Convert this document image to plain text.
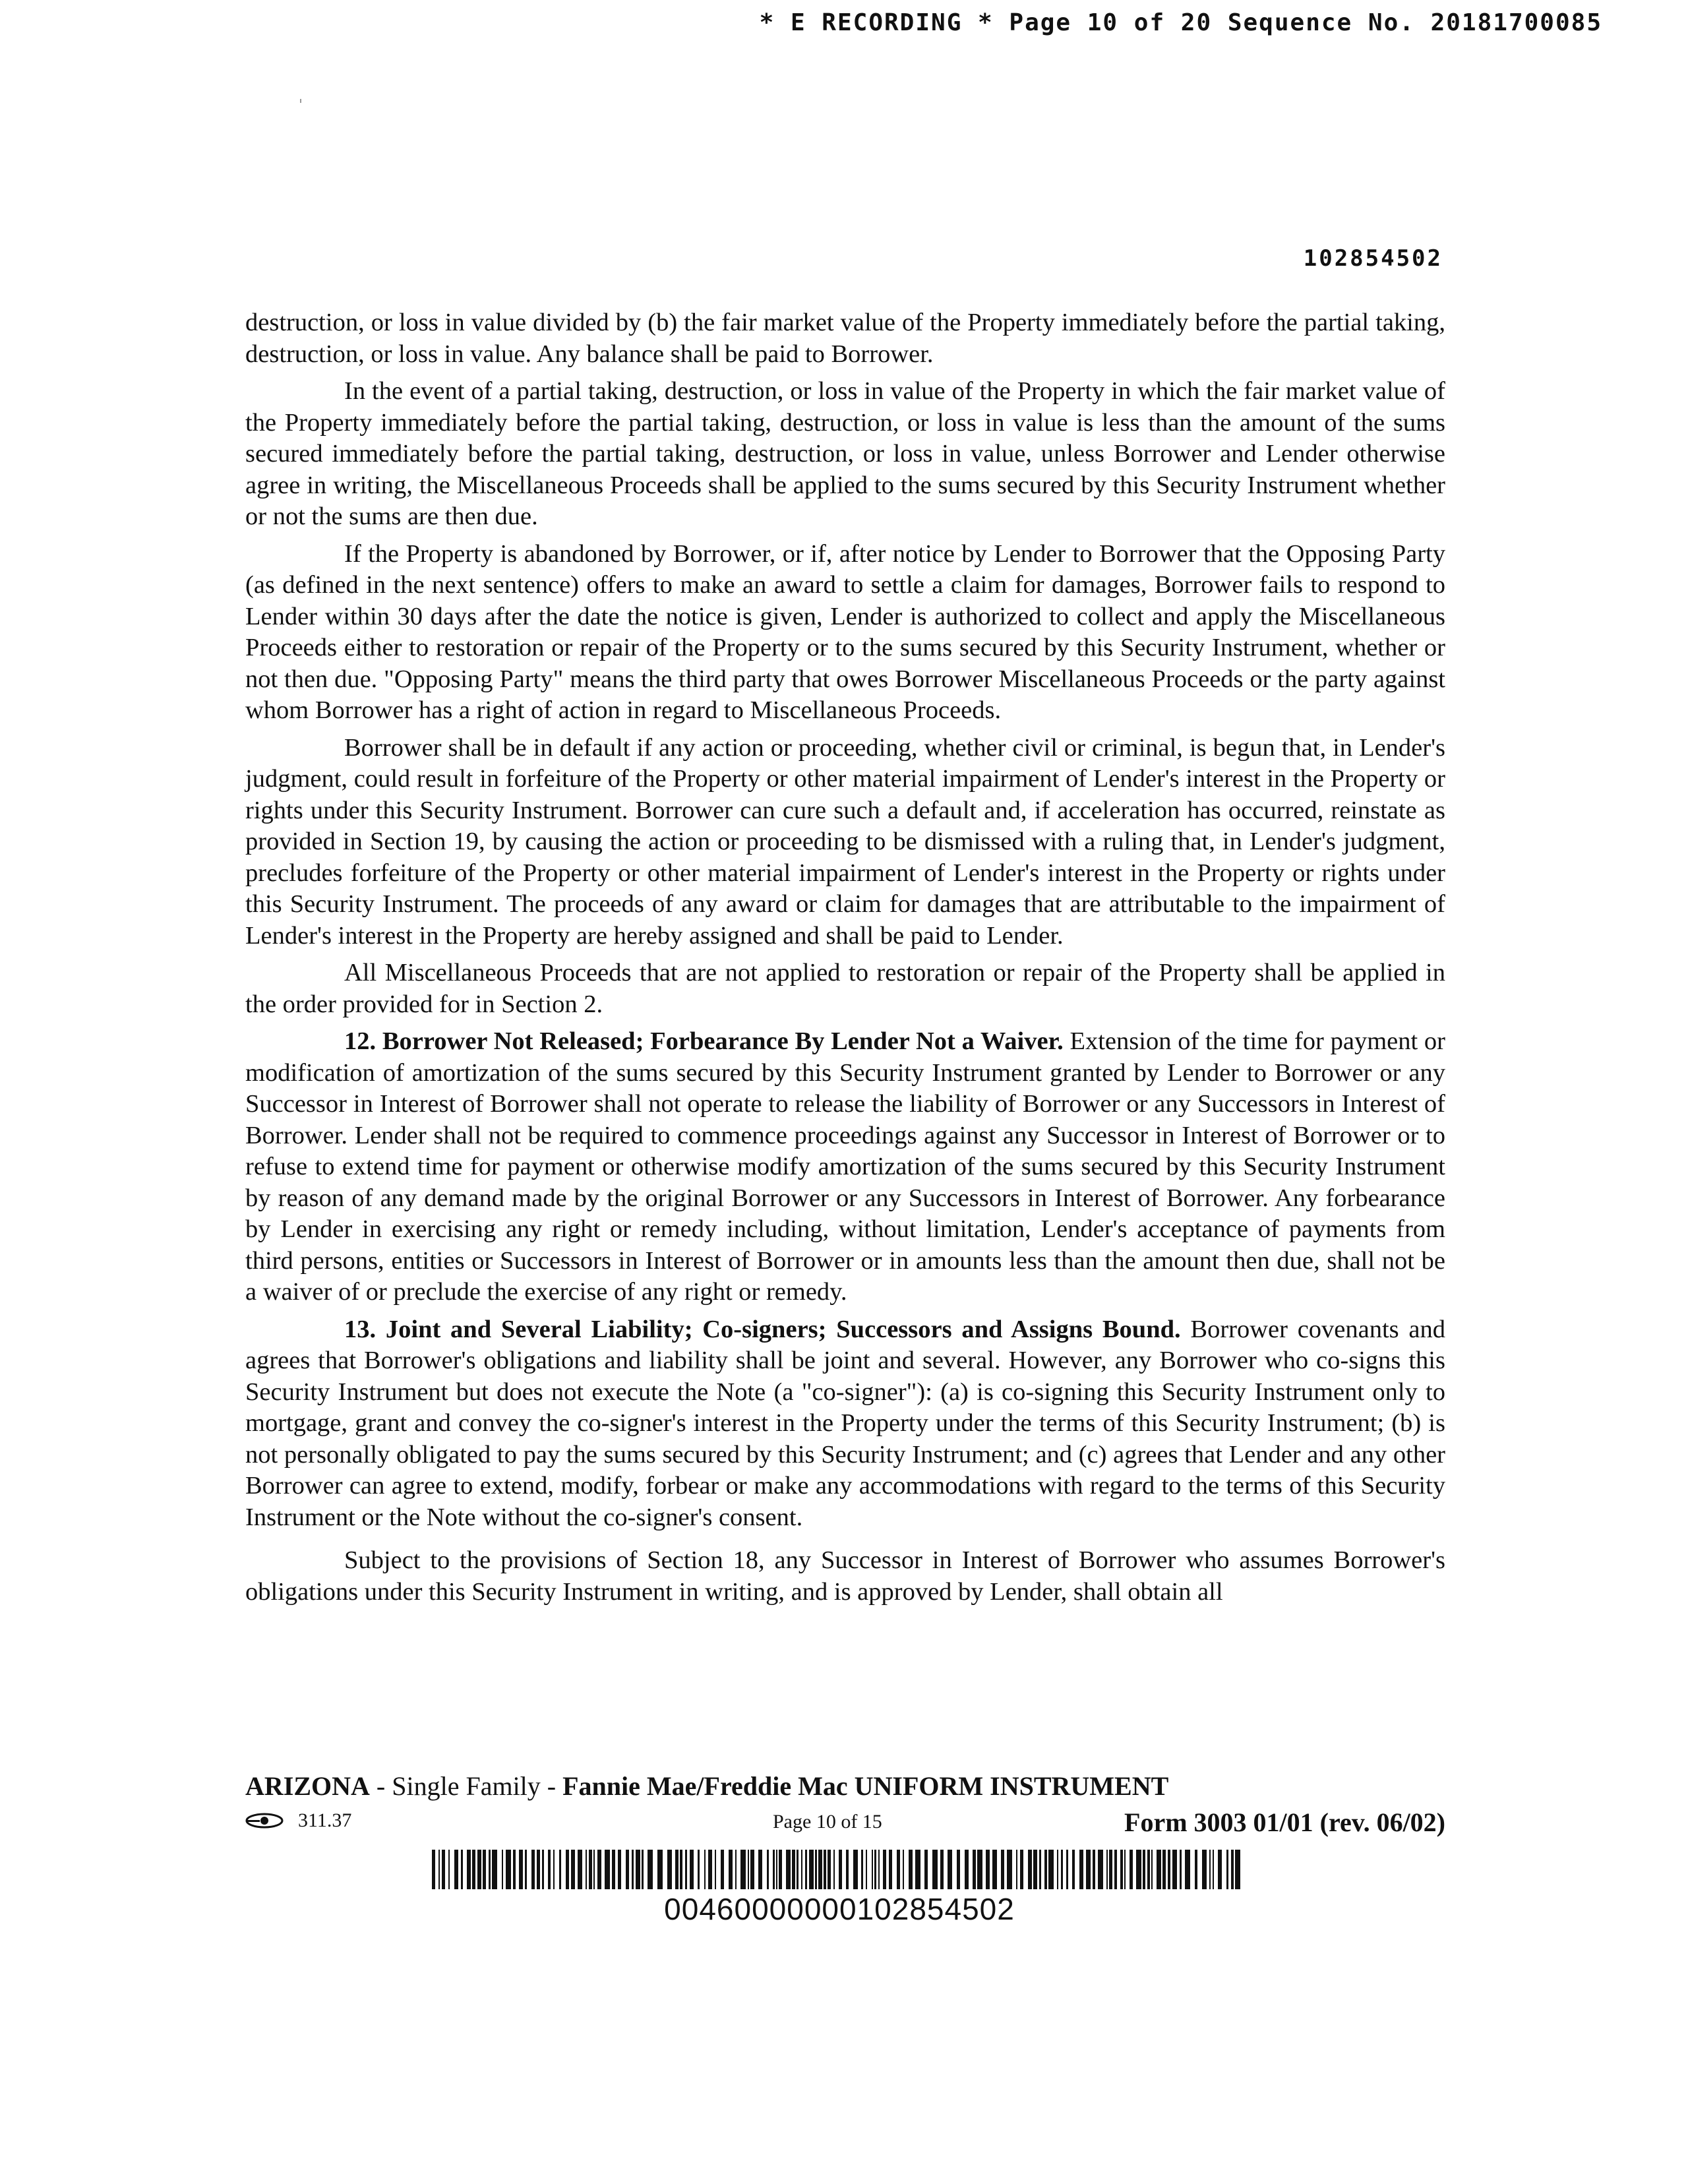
* E RECORDING * Page 10 of 20 Sequence No. 20181700085
102854502

destruction, or loss in value divided by (b) the fair market value of the Property immediately before the partial taking, destruction, or loss in value. Any balance shall be paid to Borrower.

In the event of a partial taking, destruction, or loss in value of the Property in which the fair market value of the Property immediately before the partial taking, destruction, or loss in value is less than the amount of the sums secured immediately before the partial taking, destruction, or loss in value, unless Borrower and Lender otherwise agree in writing, the Miscellaneous Proceeds shall be applied to the sums secured by this Security Instrument whether or not the sums are then due.

If the Property is abandoned by Borrower, or if, after notice by Lender to Borrower that the Opposing Party (as defined in the next sentence) offers to make an award to settle a claim for damages, Borrower fails to respond to Lender within 30 days after the date the notice is given, Lender is authorized to collect and apply the Miscellaneous Proceeds either to restoration or repair of the Property or to the sums secured by this Security Instrument, whether or not then due. "Opposing Party" means the third party that owes Borrower Miscellaneous Proceeds or the party against whom Borrower has a right of action in regard to Miscellaneous Proceeds.

Borrower shall be in default if any action or proceeding, whether civil or criminal, is begun that, in Lender's judgment, could result in forfeiture of the Property or other material impairment of Lender's interest in the Property or rights under this Security Instrument. Borrower can cure such a default and, if acceleration has occurred, reinstate as provided in Section 19, by causing the action or proceeding to be dismissed with a ruling that, in Lender's judgment, precludes forfeiture of the Property or other material impairment of Lender's interest in the Property or rights under this Security Instrument. The proceeds of any award or claim for damages that are attributable to the impairment of Lender's interest in the Property are hereby assigned and shall be paid to Lender.

All Miscellaneous Proceeds that are not applied to restoration or repair of the Property shall be applied in the order provided for in Section 2.

12. Borrower Not Released; Forbearance By Lender Not a Waiver. Extension of the time for payment or modification of amortization of the sums secured by this Security Instrument granted by Lender to Borrower or any Successor in Interest of Borrower shall not operate to release the liability of Borrower or any Successors in Interest of Borrower. Lender shall not be required to commence proceedings against any Successor in Interest of Borrower or to refuse to extend time for payment or otherwise modify amortization of the sums secured by this Security Instrument by reason of any demand made by the original Borrower or any Successors in Interest of Borrower. Any forbearance by Lender in exercising any right or remedy including, without limitation, Lender's acceptance of payments from third persons, entities or Successors in Interest of Borrower or in amounts less than the amount then due, shall not be a waiver of or preclude the exercise of any right or remedy.

13. Joint and Several Liability; Co-signers; Successors and Assigns Bound. Borrower covenants and agrees that Borrower's obligations and liability shall be joint and several. However, any Borrower who co-signs this Security Instrument but does not execute the Note (a "co-signer"): (a) is co-signing this Security Instrument only to mortgage, grant and convey the co-signer's interest in the Property under the terms of this Security Instrument; (b) is not personally obligated to pay the sums secured by this Security Instrument; and (c) agrees that Lender and any other Borrower can agree to extend, modify, forbear or make any accommodations with regard to the terms of this Security Instrument or the Note without the co-signer's consent.

Subject to the provisions of Section 18, any Successor in Interest of Borrower who assumes Borrower's obligations under this Security Instrument in writing, and is approved by Lender, shall obtain all

ARIZONA - Single Family - Fannie Mae/Freddie Mac UNIFORM INSTRUMENT
311.37	Page 10 of 15	Form 3003 01/01 (rev. 06/02)
00460000000102854502
